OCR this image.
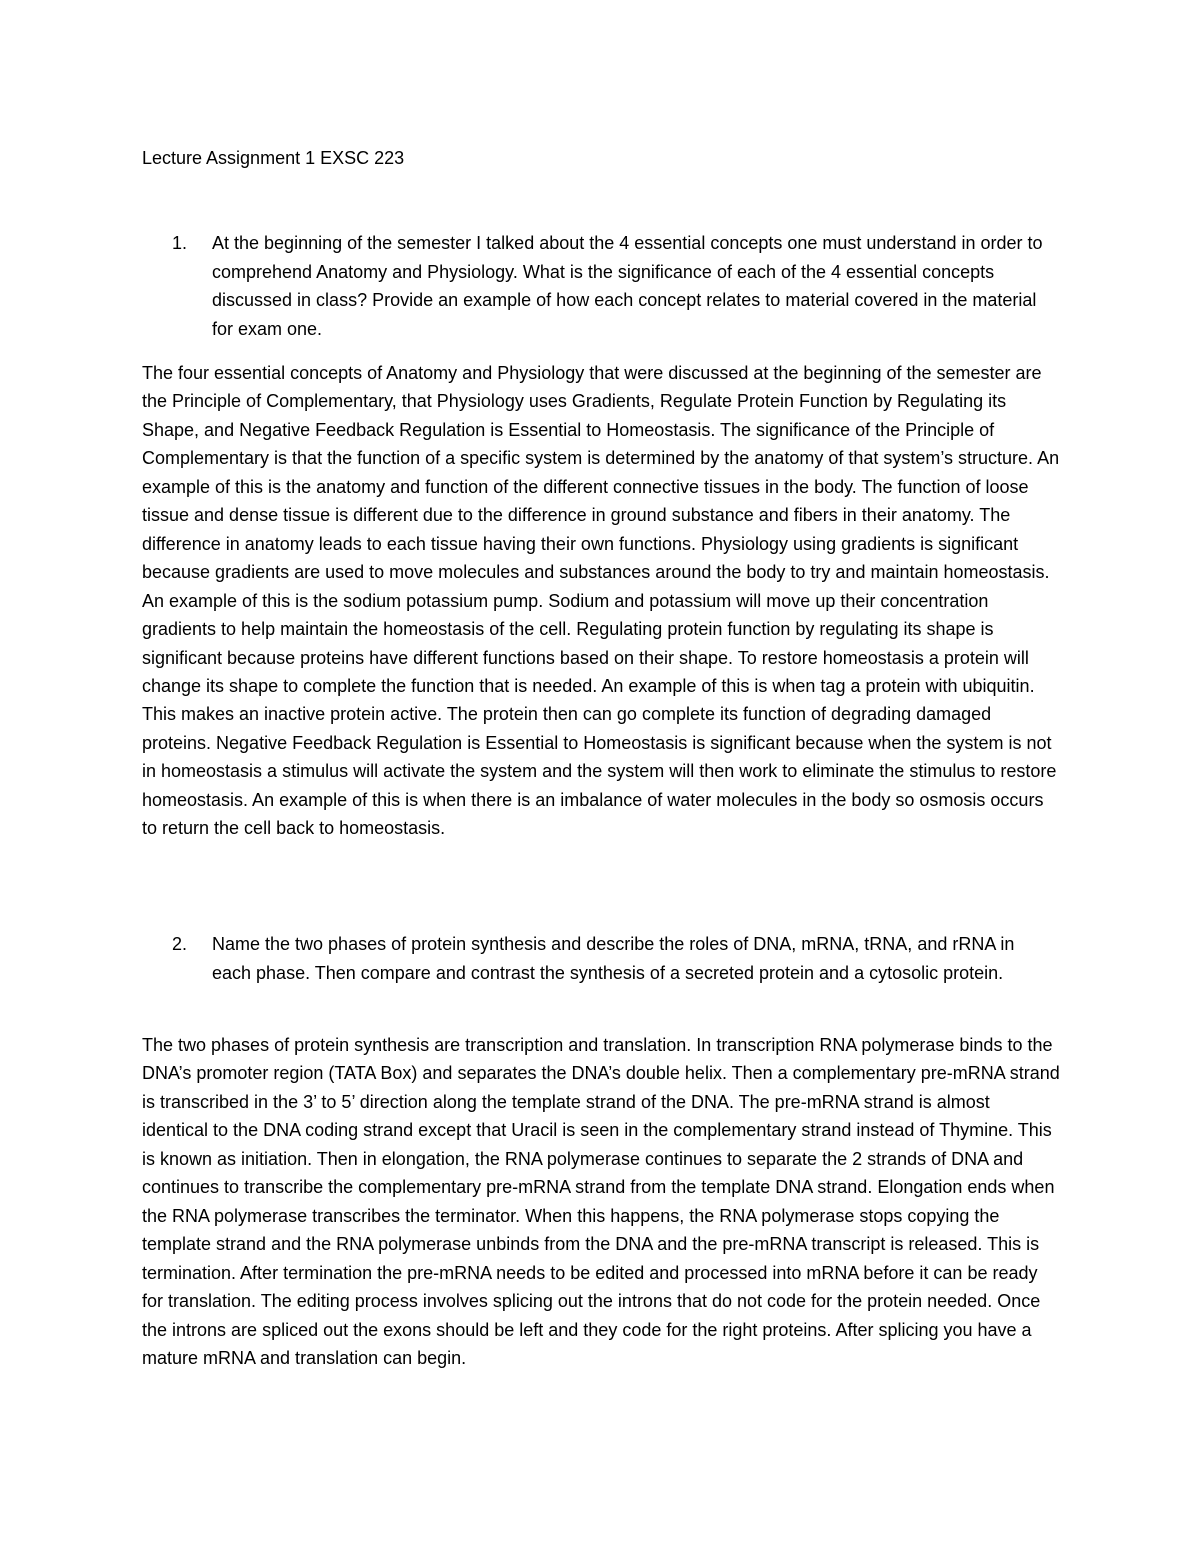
Lecture Assignment 1 EXSC 223
1. At the beginning of the semester I talked about the 4 essential concepts one must understand in order to comprehend Anatomy and Physiology. What is the significance of each of the 4 essential concepts discussed in class? Provide an example of how each concept relates to material covered in the material for exam one.

The four essential concepts of Anatomy and Physiology that were discussed at the beginning of the semester are the Principle of Complementary, that Physiology uses Gradients, Regulate Protein Function by Regulating its Shape, and Negative Feedback Regulation is Essential to Homeostasis. The significance of the Principle of Complementary is that the function of a specific system is determined by the anatomy of that system’s structure. An example of this is the anatomy and function of the different connective tissues in the body. The function of loose tissue and dense tissue is different due to the difference in ground substance and fibers in their anatomy. The difference in anatomy leads to each tissue having their own functions. Physiology using gradients is significant because gradients are used to move molecules and substances around the body to try and maintain homeostasis. An example of this is the sodium potassium pump. Sodium and potassium will move up their concentration gradients to help maintain the homeostasis of the cell. Regulating protein function by regulating its shape is significant because proteins have different functions based on their shape. To restore homeostasis a protein will change its shape to complete the function that is needed. An example of this is when tag a protein with ubiquitin. This makes an inactive protein active. The protein then can go complete its function of degrading damaged proteins. Negative Feedback Regulation is Essential to Homeostasis is significant because when the system is not in homeostasis a stimulus will activate the system and the system will then work to eliminate the stimulus to restore homeostasis. An example of this is when there is an imbalance of water molecules in the body so osmosis occurs to return the cell back to homeostasis.

2. Name the two phases of protein synthesis and describe the roles of DNA, mRNA, tRNA, and rRNA in each phase. Then compare and contrast the synthesis of a secreted protein and a cytosolic protein.

The two phases of protein synthesis are transcription and translation. In transcription RNA polymerase binds to the DNA’s promoter region (TATA Box) and separates the DNA’s double helix. Then a complementary pre-mRNA strand is transcribed in the 3’ to 5’ direction along the template strand of the DNA. The pre-mRNA strand is almost identical to the DNA coding strand except that Uracil is seen in the complementary strand instead of Thymine. This is known as initiation. Then in elongation, the RNA polymerase continues to separate the 2 strands of DNA and continues to transcribe the complementary pre-mRNA strand from the template DNA strand. Elongation ends when the RNA polymerase transcribes the terminator. When this happens, the RNA polymerase stops copying the template strand and the RNA polymerase unbinds from the DNA and the pre-mRNA transcript is released. This is termination. After termination the pre-mRNA needs to be edited and processed into mRNA before it can be ready for translation. The editing process involves splicing out the introns that do not code for the protein needed. Once the introns are spliced out the exons should be left and they code for the right proteins. After splicing you have a mature mRNA and translation can begin.
